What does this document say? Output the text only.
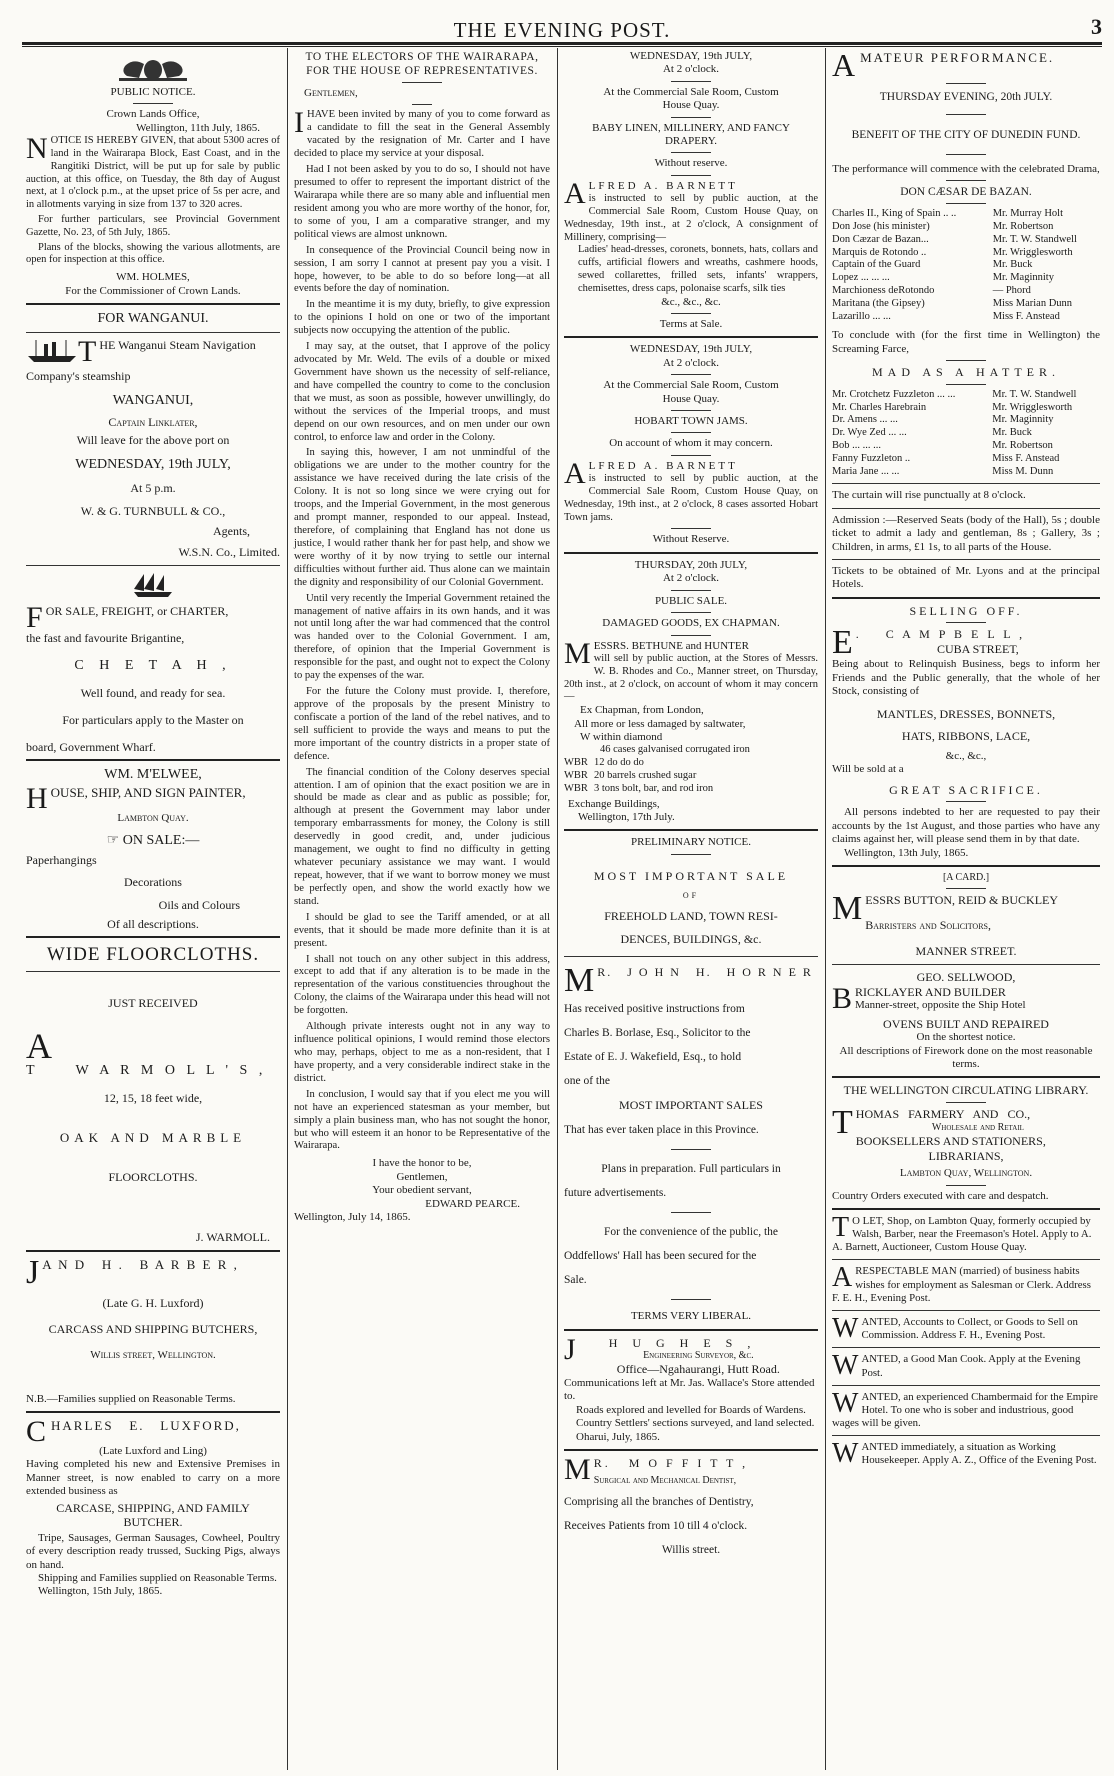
THE EVENING POST.	3
PUBLIC NOTICE.
Crown Lands Office,
Wellington, 11th July, 1865.
NOTICE IS HEREBY GIVEN, that about 5300 acres of land in the Wairarapa Block, East Coast, and in the Rangitiki District, will be put up for sale by public auction, at this office, on Tuesday, the 8th day of August next, at 1 o'clock p.m., at the upset price of 5s per acre, and in allotments varying in size from 137 to 320 acres.
For further particulars, see Provincial Government Gazette, No. 23, of 5th July, 1865.
Plans of the blocks, showing the various allotments, are open for inspection at this office.
WM. HOLMES,
For the Commissioner of Crown Lands.
FOR WANGANUI.
THE Wanganui Steam Navigation
Company's steamship
WANGANUI,
Captain Linklater,
Will leave for the above port on
WEDNESDAY, 19th JULY,
At 5 p.m.
W. & G. TURNBULL & CO.,
Agents,
W.S.N. Co., Limited.
FOR SALE, FREIGHT, or CHARTER,
the fast and favourite Brigantine,
C H E T A H ,
Well found, and ready for sea.
For particulars apply to the Master on
board, Government Wharf.
WM. M'ELWEE,
HOUSE, SHIP, AND SIGN PAINTER,
Lambton Quay.
☞ ON SALE:—
Paperhangings
Decorations
Oils and Colours
Of all descriptions.
WIDE FLOORCLOTHS.
JUST RECEIVED
A
T     W A R M O L L ' S ,
12, 15, 18 feet wide,
OAK AND MARBLE
FLOORCLOTHS.
J. WARMOLL.
J A N D   H .   B A R B E R ,
(Late G. H. Luxford)
CARCASS AND SHIPPING BUTCHERS,
Willis street, Wellington.
N.B.—Families supplied on Reasonable Terms.
CHARLES   E.   LUXFORD,
(Late Luxford and Ling)
Having completed his new and Extensive Premises in Manner street, is now enabled to carry on a more extended business as
CARCASE, SHIPPING, AND FAMILY BUTCHER.
Tripe, Sausages, German Sausages, Cowheel, Poultry of every description ready trussed, Sucking Pigs, always on hand.
Shipping and Families supplied on Reasonable Terms.
Wellington, 15th July, 1865.
TO THE ELECTORS OF THE WAIRARAPA, FOR THE HOUSE OF REPRESENTATIVES.
Gentlemen,
IHAVE been invited by many of you to come forward as a candidate to fill the seat in the General Assembly vacated by the resignation of Mr. Carter and I have decided to place my service at your disposal.
Had I not been asked by you to do so, I should not have presumed to offer to represent the important district of the Wairarapa while there are so many able and influential men resident among you who are more worthy of the honor, for, to some of you, I am a comparative stranger, and my political views are almost unknown.
In consequence of the Provincial Council being now in session, I am sorry I cannot at present pay you a visit. I hope, however, to be able to do so before long—at all events before the day of nomination.
In the meantime it is my duty, briefly, to give expression to the opinions I hold on one or two of the important subjects now occupying the attention of the public.
I may say, at the outset, that I approve of the policy advocated by Mr. Weld. The evils of a double or mixed Government have shown us the necessity of self-reliance, and have compelled the country to come to the conclusion that we must, as soon as possible, however unwillingly, do without the services of the Imperial troops, and must depend on our own resources, and on men under our own control, to enforce law and order in the Colony.
In saying this, however, I am not unmindful of the obligations we are under to the mother country for the assistance we have received during the late crisis of the Colony. It is not so long since we were crying out for troops, and the Imperial Government, in the most generous and prompt manner, responded to our appeal. Instead, therefore, of complaining that England has not done us justice, I would rather thank her for past help, and show we were worthy of it by now trying to settle our internal difficulties without further aid. Thus alone can we maintain the dignity and responsibility of our Colonial Government.
Until very recently the Imperial Government retained the management of native affairs in its own hands, and it was not until long after the war had commenced that the control was handed over to the Colonial Government. I am, therefore, of opinion that the Imperial Government is responsible for the past, and ought not to expect the Colony to pay the expenses of the war.
For the future the Colony must provide. I, therefore, approve of the proposals by the present Ministry to confiscate a portion of the land of the rebel natives, and to sell sufficient to provide the ways and means to put the more important of the country districts in a proper state of defence.
The financial condition of the Colony deserves special attention. I am of opinion that the exact position we are in should be made as clear and as public as possible; for, although at present the Government may labor under temporary embarrassments for money, the Colony is still deservedly in good credit, and, under judicious management, we ought to find no difficulty in getting whatever pecuniary assistance we may want. I would repeat, however, that if we want to borrow money we must be perfectly open, and show the world exactly how we stand.
I should be glad to see the Tariff amended, or at all events, that it should be made more definite than it is at present.
I shall not touch on any other subject in this address, except to add that if any alteration is to be made in the representation of the various constituencies throughout the Colony, the claims of the Wairarapa under this head will not be forgotten.
Although private interests ought not in any way to influence political opinions, I would remind those electors who may, perhaps, object to me as a non-resident, that I have property, and a very considerable indirect stake in the district.
In conclusion, I would say that if you elect me you will not have an experienced statesman as your member, but simply a plain business man, who has not sought the honor, but who will esteem it an honor to be Representative of the Wairarapa.
I have the honor to be,
Gentlemen,
Your obedient servant,
EDWARD PEARCE.
Wellington, July 14, 1865.
WEDNESDAY, 19th JULY,
At 2 o'clock.
At the Commercial Sale Room, Custom House Quay.
BABY LINEN, MILLINERY, AND FANCY DRAPERY.
Without reserve.
ALFRED A. BARNETT
is instructed to sell by public auction, at the Commercial Sale Room, Custom House Quay, on Wednesday, 19th inst., at 2 o'clock, A consignment of Millinery, comprising—
Ladies' head-dresses, coronets, bonnets, hats, collars and cuffs, artificial flowers and wreaths, cashmere hoods, sewed collarettes, frilled sets, infants' wrappers, chemisettes, dress caps, polonaise scarfs, silk ties
&c., &c., &c.
Terms at Sale.
WEDNESDAY, 19th JULY,
At 2 o'clock.
At the Commercial Sale Room, Custom House Quay.
HOBART TOWN JAMS.
On account of whom it may concern.
ALFRED A. BARNETT
is instructed to sell by public auction, at the Commercial Sale Room, Custom House Quay, on Wednesday, 19th inst., at 2 o'clock, 8 cases assorted Hobart Town jams.
Without Reserve.
THURSDAY, 20th JULY,
At 2 o'clock.
PUBLIC SALE.
DAMAGED GOODS, EX CHAPMAN.
MESSRS. BETHUNE and HUNTER
will sell by public auction, at the Stores of Messrs. W. B. Rhodes and Co., Manner street, on Thursday, 20th inst., at 2 o'clock, on account of whom it may concern—
Ex Chapman, from London,
All more or less damaged by saltwater,
W within diamond
	46 cases galvanised corrugated iron
WBR	12 do do do
WBR	20 barrels crushed sugar
WBR	3 tons bolt, bar, and rod iron
Exchange Buildings,
Wellington, 17th July.
PRELIMINARY NOTICE.
MOST IMPORTANT SALE
OF
FREEHOLD LAND, TOWN RESI-
DENCES, BUILDINGS, &c.
M R.   J O H N   H.   H O R N E R
Has received positive instructions from
Charles B. Borlase, Esq., Solicitor to the
Estate of E. J. Wakefield, Esq., to hold
one of the
MOST IMPORTANT SALES
That has ever taken place in this Province.
Plans in preparation. Full particulars in
future advertisements.
For the convenience of the public, the
Oddfellows' Hall has been secured for the
Sale.
TERMS VERY LIBERAL.
J	H U G H E S ,
Engineering Surveyor, &c.
Office—Ngahaurangi, Hutt Road.
Communications left at Mr. Jas. Wallace's Store attended to.
Roads explored and levelled for Boards of Wardens.
Country Settlers' sections surveyed, and land selected.
Oharui, July, 1865.
M R.   M O F F I T T ,
Surgical and Mechanical Dentist,
Comprising all the branches of Dentistry,
Receives Patients from 10 till 4 o'clock.
Willis street.
AMATEUR PERFORMANCE.
THURSDAY EVENING, 20th JULY.
BENEFIT OF THE CITY OF DUNEDIN FUND.
The performance will commence with the celebrated Drama,
DON CÆSAR DE BAZAN.
Charles II., King of Spain .. ..	Mr. Murray Holt
Don Jose (his minister)	Mr. Robertson
Don Cæzar de Bazan...	Mr. T. W. Standwell
Marquis de Rotondo ..	Mr. Wrigglesworth
Captain of the Guard	Mr. Buck
Lopez ... ... ...	Mr. Maginnity
Marchioness deRotondo	— Phord
Maritana (the Gipsey)	Miss Marian Dunn
Lazarillo ... ...	Miss F. Anstead
To conclude with (for the first time in Wellington) the Screaming Farce,
MAD AS A HATTER.
Mr. Crotchetz Fuzzleton ... ...	Mr. T. W. Standwell
Mr. Charles Harebrain	Mr. Wrigglesworth
Dr. Amens ... ...	Mr. Maginnity
Dr. Wye Zed ... ...	Mr. Buck
Bob ... ... ...	Mr. Robertson
Fanny Fuzzleton ..	Miss F. Anstead
Maria Jane ... ...	Miss M. Dunn
The curtain will rise punctually at 8 o'clock.
Admission :—Reserved Seats (body of the Hall), 5s ; double ticket to admit a lady and gentleman, 8s ; Gallery, 3s ; Children, in arms, £1 1s, to all parts of the House.
Tickets to be obtained of Mr. Lyons and at the principal Hotels.
SELLING OFF.
E .    C A M P B E L L ,
CUBA STREET,
Being about to Relinquish Business, begs to inform her Friends and the Public generally, that the whole of her Stock, consisting of
MANTLES, DRESSES, BONNETS,
HATS, RIBBONS, LACE,
&c., &c.,
Will be sold at a
GREAT SACRIFICE.
All persons indebted to her are requested to pay their accounts by the 1st August, and those parties who have any claims against her, will please send them in by that date.
Wellington, 13th July, 1865.
[A CARD.]
MESSRS BUTTON, REID & BUCKLEY
Barristers and Solicitors,
MANNER STREET.
GEO. SELLWOOD,
BRICKLAYER AND BUILDER
Manner-street, opposite the Ship Hotel
OVENS BUILT AND REPAIRED
On the shortest notice.
All descriptions of Firework done on the most reasonable terms.
THE WELLINGTON CIRCULATING LIBRARY.
THOMAS   FARMERY   AND   CO.,
Wholesale and Retail
BOOKSELLERS AND STATIONERS,
LIBRARIANS,
Lambton Quay, Wellington.
Country Orders executed with care and despatch.
T O LET, Shop, on Lambton Quay, formerly occupied by Walsh, Barber, near the Freemason's Hotel. Apply to A. A. Barnett, Auctioneer, Custom House Quay.
ARESPECTABLE MAN (married) of business habits wishes for employment as Salesman or Clerk. Address F. E. H., Evening Post.
WANTED, Accounts to Collect, or Goods to Sell on Commission. Address F. H., Evening Post.
WANTED, a Good Man Cook. Apply at the Evening Post.
WANTED, an experienced Chambermaid for the Empire Hotel. To one who is sober and industrious, good wages will be given.
WANTED immediately, a situation as Working Housekeeper. Apply A. Z., Office of the Evening Post.
